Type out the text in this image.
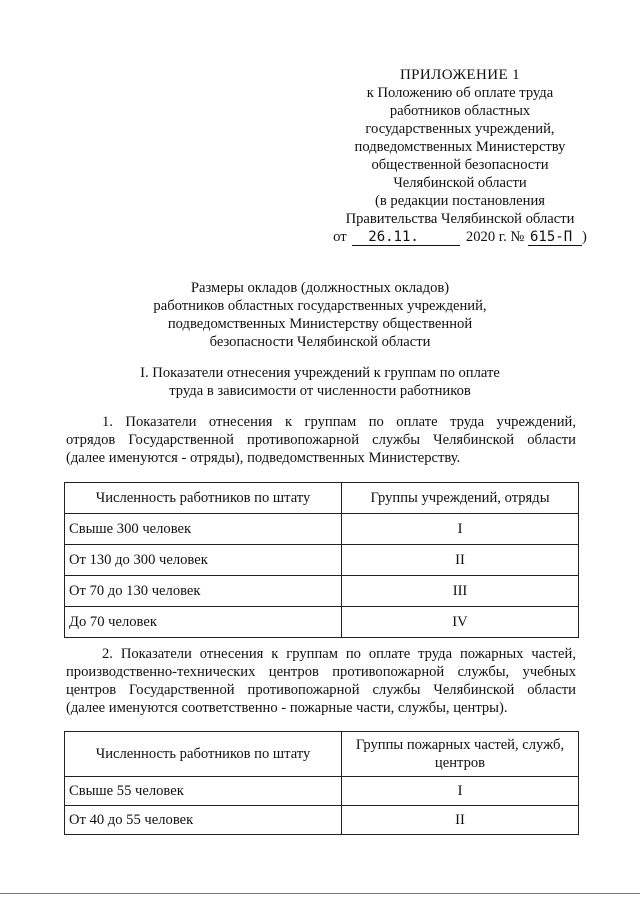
ПРИЛОЖЕНИЕ 1
к Положению об оплате труда
работников областных
государственных учреждений,
подведомственных Министерству
общественной безопасности
Челябинской области
(в редакции постановления
Правительства Челябинской области
от 26.11.	2020 г. № 615-П )
Размеры окладов (должностных окладов)
работников областных государственных учреждений,
подведомственных Министерству общественной
безопасности Челябинской области
I. Показатели отнесения учреждений к группам по оплате
труда в зависимости от численности работников
1. Показатели отнесения к группам по оплате труда учреждений,
отрядов Государственной противопожарной службы Челябинской области
(далее именуются - отряды), подведомственных Министерству.
Численность работников по штату	Группы учреждений, отряды
Свыше 300 человек	I
От 130 до 300 человек	II
От 70 до 130 человек	III
До 70 человек	IV
2. Показатели отнесения к группам по оплате труда пожарных частей,
производственно-технических центров противопожарной службы, учебных
центров Государственной противопожарной службы Челябинской области
(далее именуются соответственно - пожарные части, службы, центры).
Численность работников по штату	Группы пожарных частей, служб, центров
Свыше 55 человек	I
От 40 до 55 человек	II
